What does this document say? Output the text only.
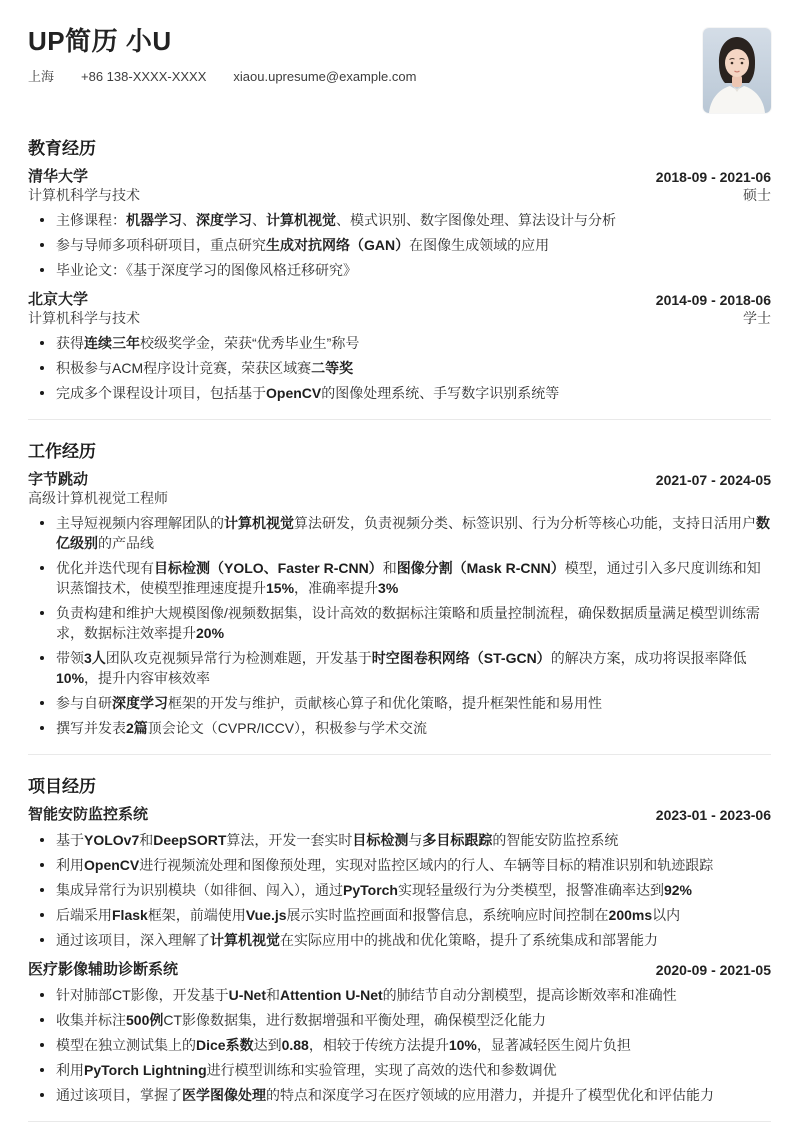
UP简历 小U
上海 +86 138-XXXX-XXXX xiaou.upresume@example.com
教育经历
清华大学
计算机科学与技术
2018-09 - 2021-06
硕士
主修课程：机器学习、深度学习、计算机视觉、模式识别、数字图像处理、算法设计与分析
参与导师多项科研项目，重点研究生成对抗网络（GAN）在图像生成领域的应用
毕业论文：《基于深度学习的图像风格迁移研究》
北京大学
计算机科学与技术
2014-09 - 2018-06
学士
获得连续三年校级奖学金，荣获“优秀毕业生”称号
积极参与ACM程序设计竞赛，荣获区域赛二等奖
完成多个课程设计项目，包括基于OpenCV的图像处理系统、手写数字识别系统等
工作经历
字节跳动
高级计算机视觉工程师
2021-07 - 2024-05
主导短视频内容理解团队的计算机视觉算法研发，负责视频分类、标签识别、行为分析等核心功能，支持日活用户数亿级别的产品线
优化并迭代现有目标检测（YOLO、Faster R-CNN）和图像分割（Mask R-CNN）模型，通过引入多尺度训练和知识蒸馏技术，使模型推理速度提升15%，准确率提升3%
负责构建和维护大规模图像/视频数据集，设计高效的数据标注策略和质量控制流程，确保数据质量满足模型训练需求，数据标注效率提升20%
带领3人团队攻克视频异常行为检测难题，开发基于时空图卷积网络（ST-GCN）的解决方案，成功将误报率降低10%，提升内容审核效率
参与自研深度学习框架的开发与维护，贡献核心算子和优化策略，提升框架性能和易用性
撰写并发表2篇顶会论文（CVPR/ICCV），积极参与学术交流
项目经历
智能安防监控系统	2023-01 - 2023-06
基于YOLOv7和DeepSORT算法，开发一套实时目标检测与多目标跟踪的智能安防监控系统
利用OpenCV进行视频流处理和图像预处理，实现对监控区域内的行人、车辆等目标的精准识别和轨迹跟踪
集成异常行为识别模块（如徘徊、闯入），通过PyTorch实现轻量级行为分类模型，报警准确率达到92%
后端采用Flask框架，前端使用Vue.js展示实时监控画面和报警信息，系统响应时间控制在200ms以内
通过该项目，深入理解了计算机视觉在实际应用中的挑战和优化策略，提升了系统集成和部署能力
医疗影像辅助诊断系统	2020-09 - 2021-05
针对肺部CT影像，开发基于U-Net和Attention U-Net的肺结节自动分割模型，提高诊断效率和准确性
收集并标注500例CT影像数据集，进行数据增强和平衡处理，确保模型泛化能力
模型在独立测试集上的Dice系数达到0.88，相较于传统方法提升10%，显著减轻医生阅片负担
利用PyTorch Lightning进行模型训练和实验管理，实现了高效的迭代和参数调优
通过该项目，掌握了医学图像处理的特点和深度学习在医疗领域的应用潜力，并提升了模型优化和评估能力
